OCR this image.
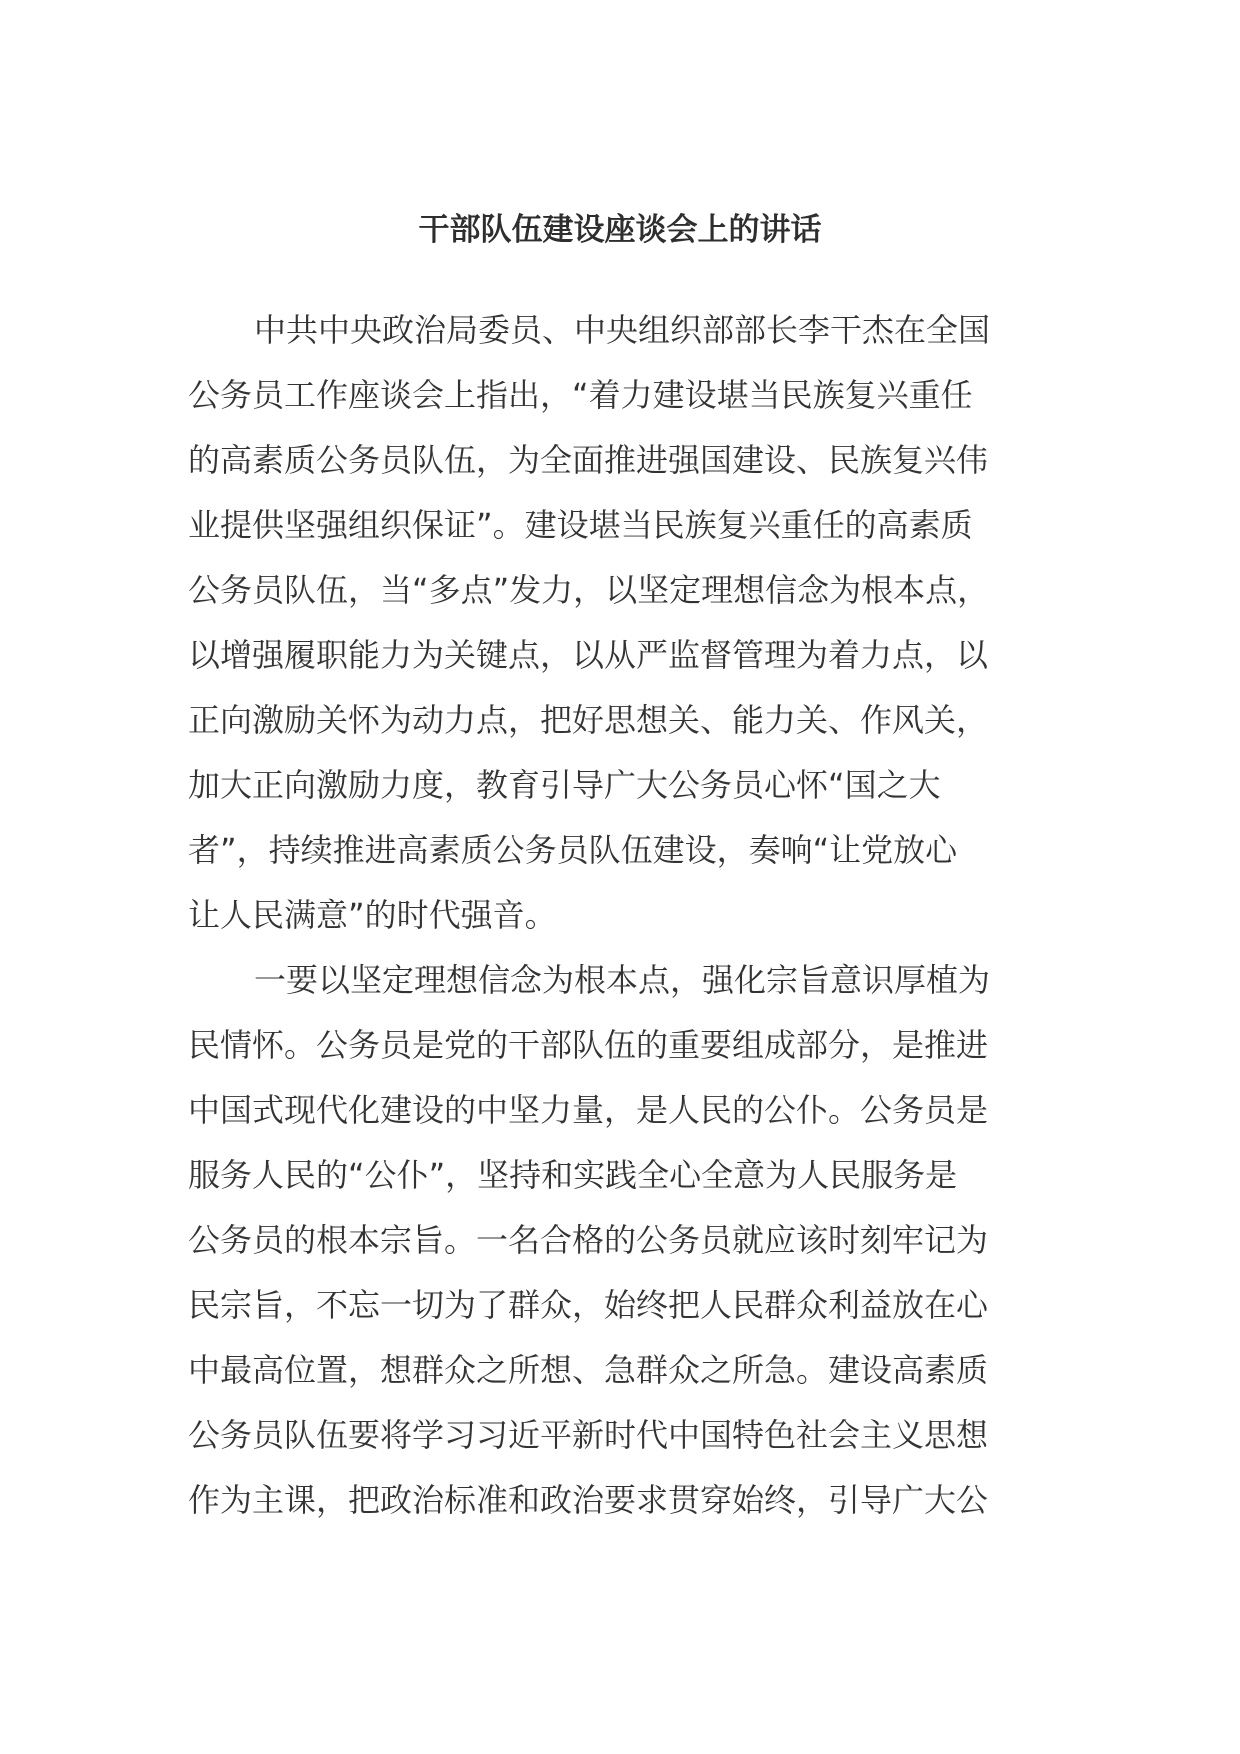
干部队伍建设座谈会上的讲话
中共中央政治局委员、中央组织部部长李干杰在全国
公务员工作座谈会上指出，“着力建设堪当民族复兴重任
的高素质公务员队伍，为全面推进强国建设、民族复兴伟
业提供坚强组织保证”。建设堪当民族复兴重任的高素质
公务员队伍，当“多点”发力，以坚定理想信念为根本点，
以增强履职能力为关键点，以从严监督管理为着力点，以
正向激励关怀为动力点，把好思想关、能力关、作风关，
加大正向激励力度，教育引导广大公务员心怀“国之大
者”，持续推进高素质公务员队伍建设，奏响“让党放心
让人民满意”的时代强音。
一要以坚定理想信念为根本点，强化宗旨意识厚植为
民情怀。公务员是党的干部队伍的重要组成部分，是推进
中国式现代化建设的中坚力量，是人民的公仆。公务员是
服务人民的“公仆”，坚持和实践全心全意为人民服务是
公务员的根本宗旨。一名合格的公务员就应该时刻牢记为
民宗旨，不忘一切为了群众，始终把人民群众利益放在心
中最高位置，想群众之所想、急群众之所急。建设高素质
公务员队伍要将学习习近平新时代中国特色社会主义思想
作为主课，把政治标准和政治要求贯穿始终，引导广大公
